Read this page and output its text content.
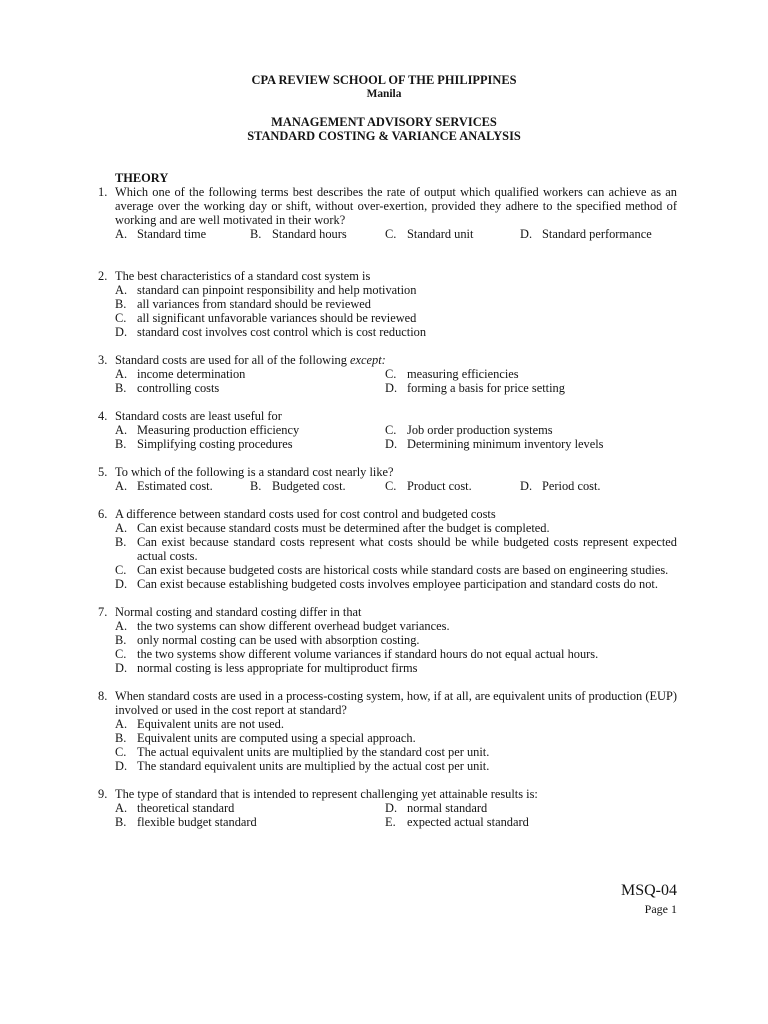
CPA REVIEW SCHOOL OF THE PHILIPPINES
Manila
MANAGEMENT ADVISORY SERVICES
STANDARD COSTING & VARIANCE ANALYSIS
THEORY
1. Which one of the following terms best describes the rate of output which qualified workers can achieve as an average over the working day or shift, without over-exertion, provided they adhere to the specified method of working and are well motivated in their work?
A. Standard time	B. Standard hours	C. Standard unit	D. Standard performance
2. The best characteristics of a standard cost system is
A. standard can pinpoint responsibility and help motivation
B. all variances from standard should be reviewed
C. all significant unfavorable variances should be reviewed
D. standard cost involves cost control which is cost reduction
3. Standard costs are used for all of the following except:
A. income determination	C. measuring efficiencies
B. controlling costs	D. forming a basis for price setting
4. Standard costs are least useful for
A. Measuring production efficiency	C. Job order production systems
B. Simplifying costing procedures	D. Determining minimum inventory levels
5. To which of the following is a standard cost nearly like?
A. Estimated cost.	B. Budgeted cost.	C. Product cost.	D. Period cost.
6. A difference between standard costs used for cost control and budgeted costs
A. Can exist because standard costs must be determined after the budget is completed.
B. Can exist because standard costs represent what costs should be while budgeted costs represent expected actual costs.
C. Can exist because budgeted costs are historical costs while standard costs are based on engineering studies.
D. Can exist because establishing budgeted costs involves employee participation and standard costs do not.
7. Normal costing and standard costing differ in that
A. the two systems can show different overhead budget variances.
B. only normal costing can be used with absorption costing.
C. the two systems show different volume variances if standard hours do not equal actual hours.
D. normal costing is less appropriate for multiproduct firms
8. When standard costs are used in a process-costing system, how, if at all, are equivalent units of production (EUP) involved or used in the cost report at standard?
A. Equivalent units are not used.
B. Equivalent units are computed using a special approach.
C. The actual equivalent units are multiplied by the standard cost per unit.
D. The standard equivalent units are multiplied by the actual cost per unit.
9. The type of standard that is intended to represent challenging yet attainable results is:
A. theoretical standard	D. normal standard
B. flexible budget standard	E. expected actual standard
MSQ-04
Page 1
